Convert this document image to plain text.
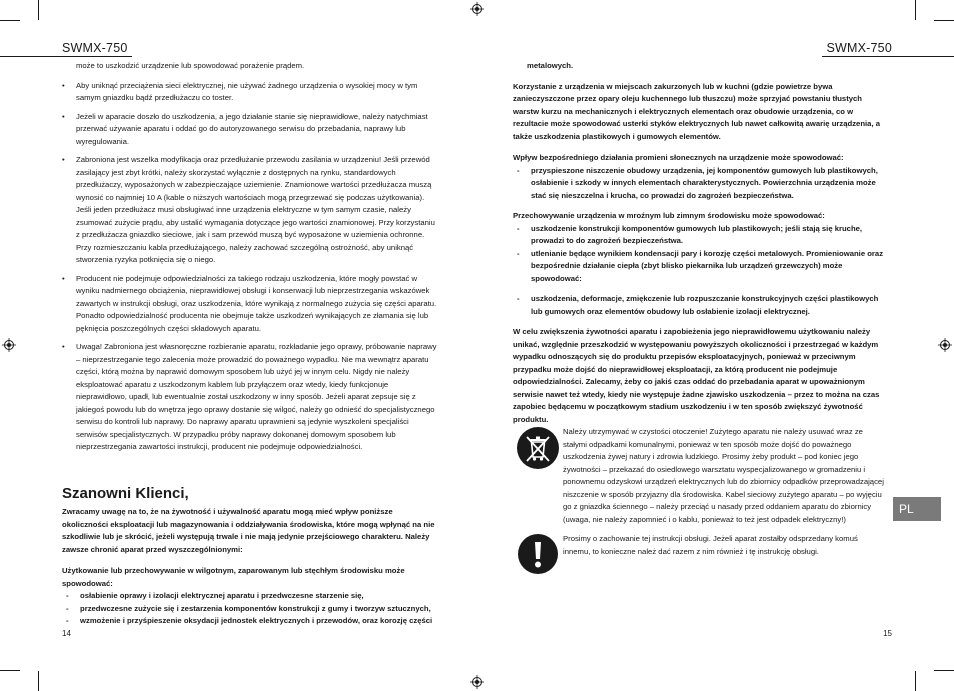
SWMX-750
może to uszkodzić urządzenie lub spowodować porażenie prądem.
•	Aby uniknąć przeciążenia sieci elektrycznej, nie używać żadnego urządzenia o wysokiej mocy w tym samym gniazdku bądź przedłużaczu co toster.
•	Jeżeli w aparacie doszło do uszkodzenia, a jego działanie stanie się nieprawidłowe, należy natychmiast przerwać używanie aparatu i oddać go do autoryzowanego serwisu do przebadania, naprawy lub wyregulowania.
•	Zabroniona jest wszelka modyfikacja oraz przedłużanie przewodu zasilania w urządzeniu! Jeśli przewód zasilający jest zbyt krótki, należy skorzystać wyłącznie z dostępnych na rynku, standardowych przedłużaczy, wyposażonych w zabezpieczające uziemienie. Znamionowe wartości przedłużacza muszą wynosić co najmniej 10 A (kable o niższych wartościach mogą przegrzewać się podczas użytkowania). Jeśli jeden przedłużacz musi obsługiwać inne urządzenia elektryczne w tym samym czasie, należy zsumować zużycie prądu, aby ustalić wymagania dotyczące jego wartości znamionowej. Przy korzystaniu z przedłużacza gniazdko sieciowe, jak i sam przewód muszą być wyposażone w uziemienia ochronne. Przy rozmieszczaniu kabla przedłużającego, należy zachować szczególną ostrożność, aby uniknąć stworzenia ryzyka potknięcia się o niego.
•	Producent nie podejmuje odpowiedzialności za takiego rodzaju uszkodzenia, które mogły powstać w wyniku nadmiernego obciążenia, nieprawidłowej obsługi i konserwacji lub nieprzestrzegania wskazówek zawartych w instrukcji obsługi, oraz uszkodzenia, które wynikają z normalnego zużycia się części aparatu. Ponadto odpowiedzialność producenta nie obejmuje także uszkodzeń wynikających ze złamania się lub pęknięcia poszczególnych części składowych aparatu.
•	Uwaga! Zabroniona jest własnoręczne rozbieranie aparatu, rozkładanie jego oprawy, próbowanie naprawy – nieprzestrzeganie tego zalecenia może prowadzić do poważnego wypadku. Nie ma wewnątrz aparatu części, którą można by naprawić domowym sposobem lub użyć jej w innym celu. Nigdy nie należy eksploatować aparatu z uszkodzonym kablem lub przyłączem oraz wtedy, kiedy funkcjonuje nieprawidłowo, upadł, lub ewentualnie został uszkodzony w inny sposób. Jeżeli aparat zepsuje się z jakiegoś powodu lub do wnętrza jego oprawy dostanie się wilgoć, należy go odnieść do specjalistycznego serwisu do kontroli lub naprawy. Do naprawy aparatu uprawnieni są jedynie wyszkoleni specjaliści serwisów specjalistycznych. W przypadku próby naprawy dokonanej domowym sposobem lub nieprzestrzegania zawartości instrukcji, producent nie podejmuje odpowiedzialności.
Szanowni Klienci,

Zwracamy uwagę na to, że na żywotność i używalność aparatu mogą mieć wpływ poniższe okoliczności eksploatacji lub magazynowania i oddziaływania środowiska, które mogą wpłynąć na nie szkodliwie lub je skrócić, jeżeli występują trwale i nie mają jedynie przejściowego charakteru. Należy zawsze chronić aparat przed wyszczególnionymi:

Użytkowanie lub przechowywanie w wilgotnym, zaparowanym lub stęchłym środowisku może spowodować:

-	osłabienie oprawy i izolacji elektrycznej aparatu i przedwczesne starzenie się,
-	przedwczesne zużycie się i zestarzenia komponentów konstrukcji z gumy i tworzyw sztucznych,
-	wzmożenie i przyśpieszenie oksydacji jednostek elektrycznych i przewodów, oraz korozję części
14
SWMX-750
15

metalowych.

Korzystanie z urządzenia w miejscach zakurzonych lub w kuchni (gdzie powietrze bywa zanieczyszczone przez opary oleju kuchennego lub tłuszczu) może sprzyjać powstaniu tłustych warstw kurzu na mechanicznych i elektrycznych elementach oraz obudowie urządzenia, co w rezultacie może spowodować usterki styków elektrycznych lub nawet całkowitą awarię urządzenia, a także uszkodzenia plastikowych i gumowych elementów.

Wpływ bezpośredniego działania promieni słonecznych na urządzenie może spowodować:

-	przyspieszone niszczenie obudowy urządzenia, jej komponentów gumowych lub plastikowych, osłabienie i szkody w innych elementach charakterystycznych. Powierzchnia urządzenia może stać się nieszczelna i krucha, co prowadzi do zagrożeń bezpieczeństwa.

Przechowywanie urządzenia w mroźnym lub zimnym środowisku może spowodować:

-	uszkodzenie konstrukcji komponentów gumowych lub plastikowych; jeśli stają się kruche, prowadzi to do zagrożeń bezpieczeństwa.
-	utlenianie będące wynikiem kondensacji pary i korozję części metalowych. Promieniowanie oraz bezpośrednie działanie ciepła (zbyt blisko piekarnika lub urządzeń grzewczych) może spowodować:
-	uszkodzenia, deformacje, zmiękczenie lub rozpuszczanie konstrukcyjnych części plastikowych lub gumowych oraz elementów obudowy lub osłabienie izolacji elektrycznej.

W celu zwiększenia żywotności aparatu i zapobieżenia jego nieprawidłowemu użytkowaniu należy unikać, względnie przeszkodzić w występowaniu powyższych okoliczności i przestrzegać w każdym wypadku odnoszących się do produktu przepisów eksploatacyjnych, ponieważ w przeciwnym przypadku może dojść do nieprawidłowej eksploatacji, za którą producent nie podejmuje odpowiedzialności. Zalecamy, żeby co jakiś czas oddać do przebadania aparat w upoważnionym serwisie nawet też wtedy, kiedy nie występuje żadne zjawisko uszkodzenia – przez to można na czas zapobiec będącemu w początkowym stadium uszkodzeniu i w ten sposób zwiększyć żywotność produktu.

Należy utrzymywać w czystości otoczenie! Zużytego aparatu nie należy usuwać wraz ze stałymi odpadkami komunalnymi, ponieważ w ten sposób może dojść do poważnego uszkodzenia żywej natury i zdrowia ludzkiego. Prosimy żeby produkt – pod koniec jego żywotności – przekazać do osiedlowego warsztatu wyspecjalizowanego w gromadzeniu i ponownemu odzyskowi urządzeń elektrycznych lub do zbiornicy odpadków przeprowadzającej niszczenie w sposób przyjazny dla środowiska. Kabel sieciowy zużytego aparatu – po wyjęciu go z gniazdka ściennego – należy przeciąć u nasady przed oddaniem aparatu do zbiornicy (uwaga, nie należy zapomnieć i o kablu, ponieważ to też jest odpadek elektryczny!)
Prosimy o zachowanie tej instrukcji obsługi. Jeżeli aparat zostałby odsprzedany komuś innemu, to konieczne należ dać razem z nim również i tę instrukcję obsługi.
PL
